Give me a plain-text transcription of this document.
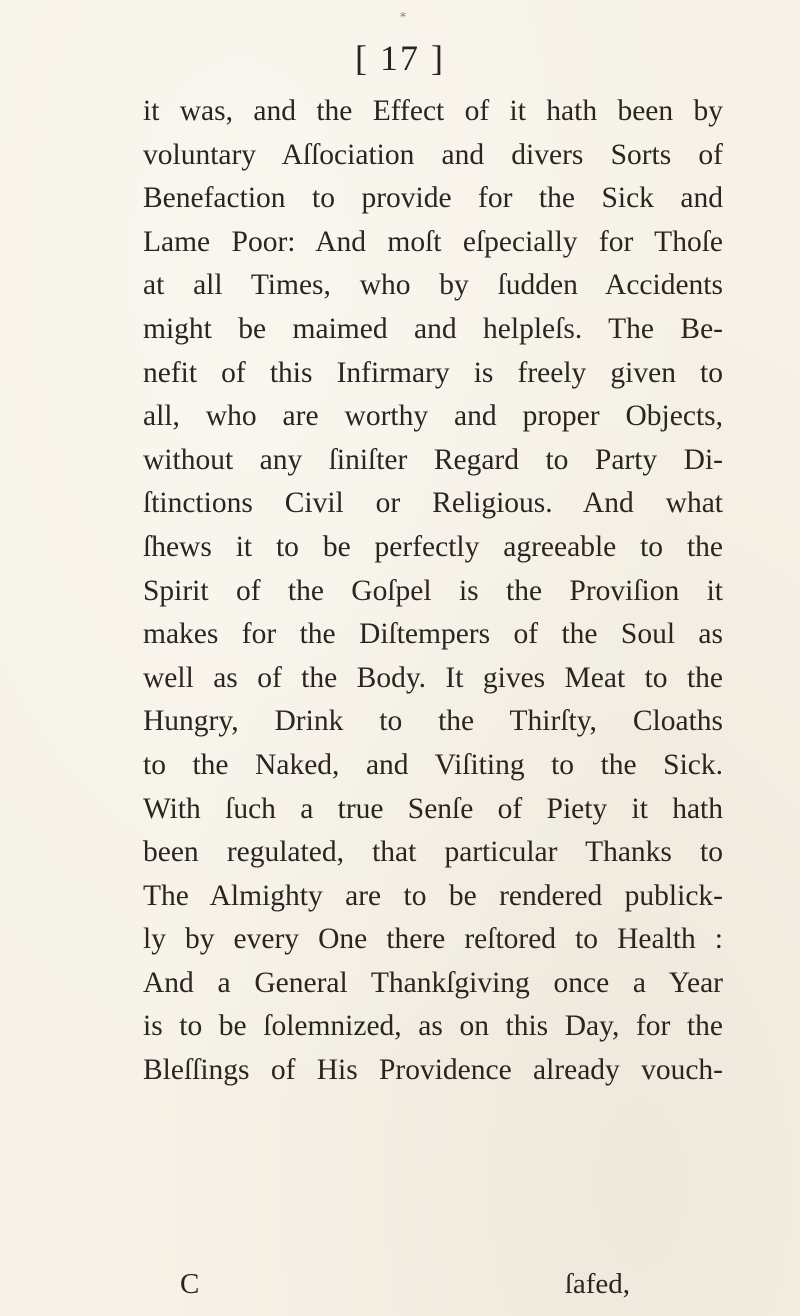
*
[ 17 ]
it was, and the Effect of it hath been by
voluntary Aſſociation and divers Sorts of
Benefaction to provide for the Sick and
Lame Poor: And moſt eſpecially for Thoſe
at all Times, who by ſudden Accidents
might be maimed and helpleſs. The Be-
nefit of this Infirmary is freely given to
all, who are worthy and proper Objects,
without any ſiniſter Regard to Party Di-
ſtinctions Civil or Religious. And what
ſhews it to be perfectly agreeable to the
Spirit of the Goſpel is the Proviſion it
makes for the Diſtempers of the Soul as
well as of the Body. It gives Meat to the
Hungry, Drink to the Thirſty, Cloaths
to the Naked, and Viſiting to the Sick.
With ſuch a true Senſe of Piety it hath
been regulated, that particular Thanks to
The Almighty are to be rendered publick-
ly by every One there reſtored to Health :
And a General Thankſgiving once a Year
is to be ſolemnized, as on this Day, for the
Bleſſings of His Providence already vouch-
C	ſafed,
